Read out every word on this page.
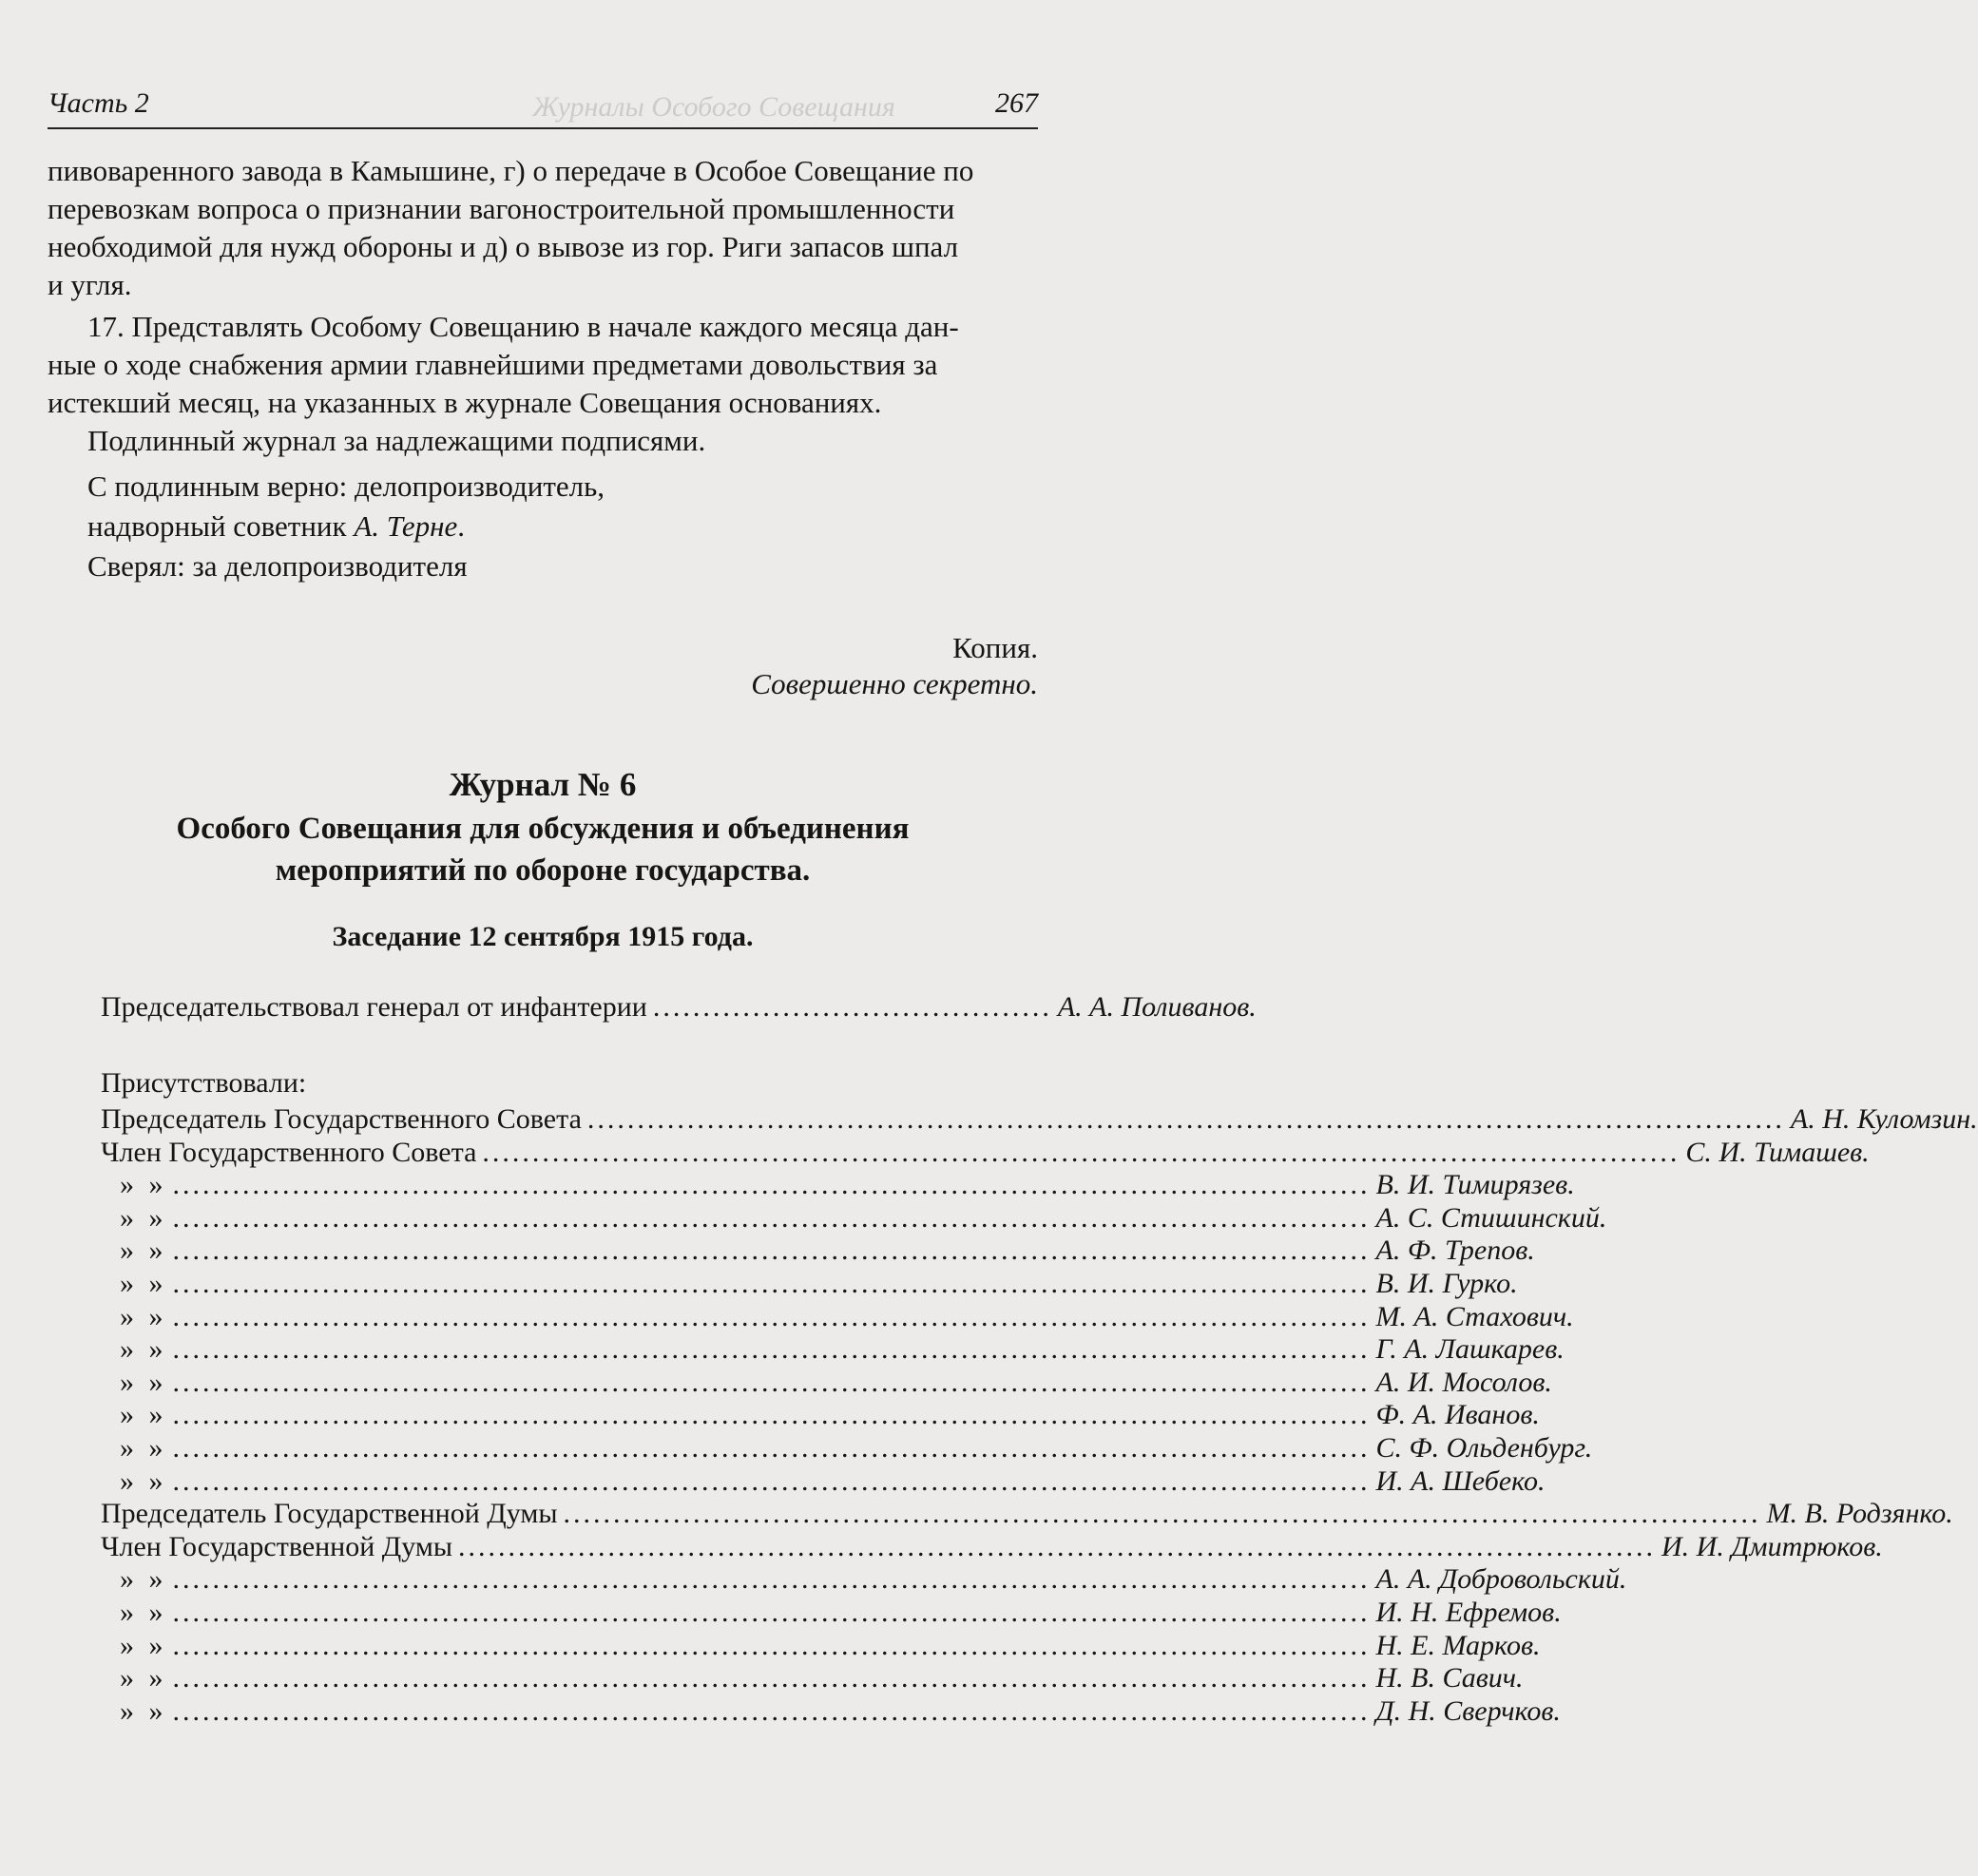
Часть 2	267

пивоваренного завода в Камышине, г) о передаче в Особое Совещание по

перевозкам вопроса о признании вагоностроительной промышленности

необходимой для нужд обороны и д) о вывозе из гор. Риги запасов шпал

и угля.

17. Представлять Особому Совещанию в начале каждого месяца дан-

ные о ходе снабжения армии главнейшими предметами довольствия за

истекший месяц, на указанных в журнале Совещания основаниях.

Подлинный журнал за надлежащими подписями.

С подлинным верно: делопроизводитель,

надворный советник А. Терне.

Сверял: за делопроизводителя

Копия.
Совершенно секретно.
Журнал № 6
Особого Совещания для обсуждения и объединения
мероприятий по обороне государства.
Заседание 12 сентября 1915 года.
Председательствовал генерал от инфантерии ........................................ А. А. Поливанов.
Присутствовали:
Председатель Государственного Совета ........................................................................................................................ А. Н. Куломзин.
Член Государственного Совета ........................................................................................................................ С. И. Тимашев.
» » ........................................................................................................................ В. И. Тимирязев.
» » ........................................................................................................................ А. С. Стишинский.
» » ........................................................................................................................ А. Ф. Трепов.
» » ........................................................................................................................ В. И. Гурко.
» » ........................................................................................................................ М. А. Стахович.
» » ........................................................................................................................ Г. А. Лашкарев.
» » ........................................................................................................................ А. И. Мосолов.
» » ........................................................................................................................ Ф. А. Иванов.
» » ........................................................................................................................ С. Ф. Ольденбург.
» » ........................................................................................................................ И. А. Шебеко.
Председатель Государственной Думы ........................................................................................................................ М. В. Родзянко.
Член Государственной Думы ........................................................................................................................ И. И. Дмитрюков.
» » ........................................................................................................................ А. А. Добровольский.
» » ........................................................................................................................ И. Н. Ефремов.
» » ........................................................................................................................ Н. Е. Марков.
» » ........................................................................................................................ Н. В. Савич.
» » ........................................................................................................................ Д. Н. Сверчков.
Журналы Особого Совещания
